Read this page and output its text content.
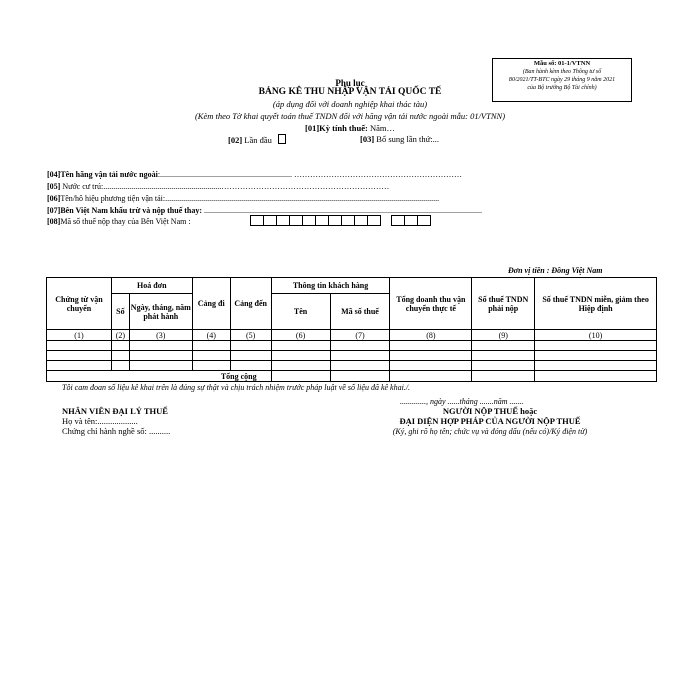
Mẫu số: 01-1/VTNN
(Ban hành kèm theo Thông tư số
80/2021/TT-BTC ngày 29 tháng 9 năm 2021
của Bộ trưởng Bộ Tài chính)
Phụ lục
BẢNG KÊ THU NHẬP VẬN TẢI QUỐC TẾ
(áp dụng đối với doanh nghiệp khai thác tàu)
(Kèm theo Tờ khai quyết toán thuế TNDN đối với hãng vận tải nước ngoài mẫu: 01/VTNN)
[01]Kỳ tính thuế: Năm…
[02] Lần đầu	[03] Bổ sung lần thứ:...
[04]Tên hãng vận tải nước ngoài:.................................................................. ………………………………………………………
[05] Nước cư trú:...........................................................………………………………………………………
[06]Tên/hô hiệu phương tiện vận tải:.........................................................................................................................................
[07]Bên Việt Nam khấu trừ và nộp thuế thay: ...........................................................................................................................................
[08]Mã số thuế nộp thay của Bên Việt Nam :
Đơn vị tiền : Đồng Việt Nam
Chứng từ vận chuyển	Hoá đơn		Cảng đi	Cảng đến	Thông tin khách hàng		Tổng doanh thu vận chuyển thực tế	Số thuế TNDN phải nộp	Số thuế TNDN miễn, giảm theo Hiệp định
	Số	Ngày, tháng, năm phát hành			Tên	Mã số thuế			
(1)	(2)	(3)	(4)	(5)	(6)	(7)	(8)	(9)	(10)

Tổng cộng									
Tôi cam đoan số liệu kê khai trên là đúng sự thật và chịu trách nhiệm trước pháp luật về số liệu đã kê khai./.
............., ngày ......tháng .......năm .......
NHÂN VIÊN ĐẠI LÝ THUẾ
Họ và tên:...................
Chứng chỉ hành nghề số: ..........
NGƯỜI NỘP THUẾ hoặc
ĐẠI DIỆN HỢP PHÁP CỦA NGƯỜI NỘP THUẾ
(Ký, ghi rõ họ tên; chức vụ và đóng dấu (nếu có)/Ký điện tử)
